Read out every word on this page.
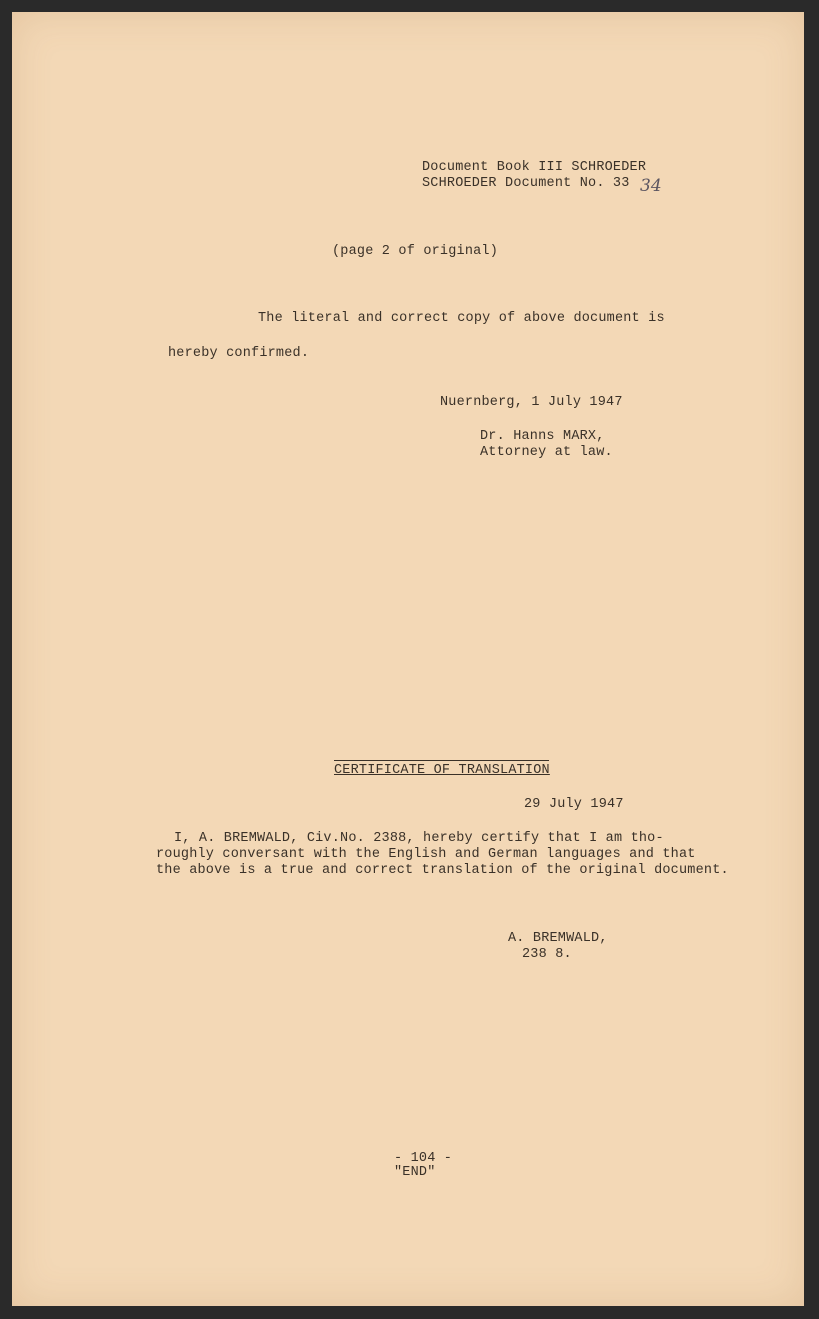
Document Book III SCHROEDER
SCHROEDER Document No. 33 34
(page 2 of original)
The literal and correct copy of above document is
hereby confirmed.
Nuernberg, 1 July 1947
Dr. Hanns MARX,
Attorney at law.
CERTIFICATE OF TRANSLATION
29 July 1947
I, A. BREMWALD, Civ.No. 2388, hereby certify that I am tho-
roughly conversant with the English and German languages and that
the above is a true and correct translation of the original document.
A. BREMWALD,
238 8.
- 104 -
"END"
